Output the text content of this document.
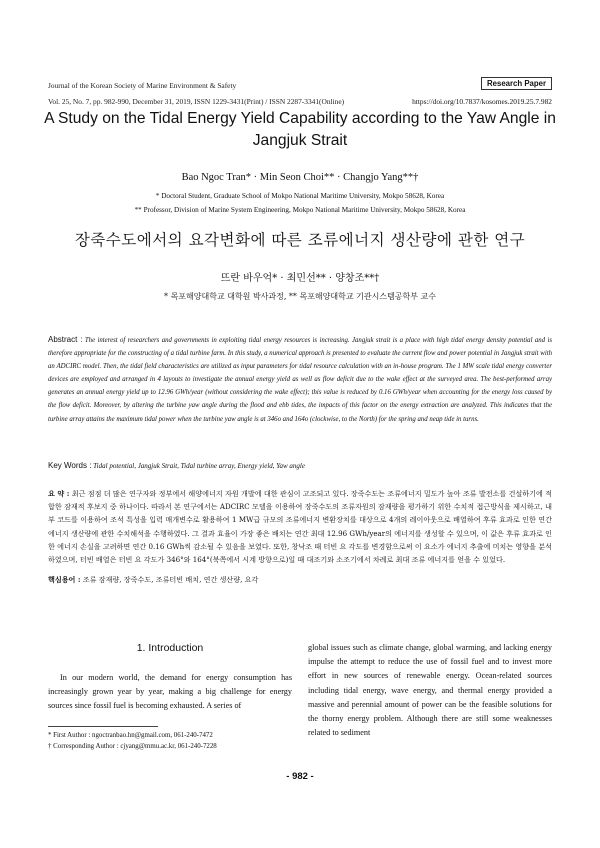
Journal of the Korean Society of Marine Environment & Safety
Vol. 25, No. 7, pp. 982-990, December 31, 2019, ISSN 1229-3431(Print) / ISSN 2287-3341(Online)
Research Paper
https://doi.org/10.7837/kosomes.2019.25.7.982
A Study on the Tidal Energy Yield Capability according to the Yaw Angle in Jangjuk Strait
Bao Ngoc Tran* · Min Seon Choi** · Changjo Yang**†
* Doctoral Student, Graduate School of Mokpo National Maritime University, Mokpo 58628, Korea
** Professor, Division of Marine System Engineering, Mokpo National Maritime University, Mokpo 58628, Korea
장죽수도에서의 요각변화에 따른 조류에너지 생산량에 관한 연구
뜨란 바우억* · 최민선** · 양창조**†
* 목포해양대학교 대학원 박사과정, ** 목포해양대학교 기관시스템공학부 교수
Abstract : The interest of researchers and governments in exploiting tidal energy resources is increasing. Jangjuk strait is a place with high tidal energy density potential and is therefore appropriate for the constructing of a tidal turbine farm. In this study, a numerical approach is presented to evaluate the current flow and power potential in Jangjuk strait with an ADCIRC model. Then, the tidal field characteristics are utilized as input parameters for tidal resource calculation with an in-house program. The 1 MW scale tidal energy converter devices are employed and arranged in 4 layouts to investigate the annual energy yield as well as flow deficit due to the wake effect at the surveyed area. The best-performed array generates an annual energy yield up to 12.96 GWh/year (without considering the wake effect); this value is reduced by 0.16 GWh/year when accounting for the energy loss caused by the flow deficit. Moreover, by altering the turbine yaw angle during the flood and ebb tides, the impacts of this factor on the energy extraction are analyzed. This indicates that the turbine array attains the maximum tidal power when the turbine yaw angle is at 346o and 164o (clockwise, to the North) for the spring and neap tide in turns.
Key Words : Tidal potential, Jangjuk Strait, Tidal turbine array, Energy yield, Yaw angle
요 약 : 최근 점점 더 많은 연구자와 정부에서 해양에너지 자원 개발에 대한 관심이 고조되고 있다. 장죽수도는 조류에너지 밀도가 높아 조류 발전소를 건설하기에 적합한 잠재적 후보지 중 하나이다. 따라서 본 연구에서는 ADCIRC 모델을 이용하여 장죽수도의 조류자원의 잠재량을 평가하기 위한 수치적 접근방식을 제시하고, 내부 코드를 이용하여 조석 특성을 입력 매개변수로 활용하여 1 MW급 규모의 조류에너지 변환장치를 대상으로 4개의 레이아웃으로 배열하여 후류 효과로 인한 연간 에너지 생산량에 관한 수치해석을 수행하였다. 그 결과 효율이 가장 좋은 배치는 연간 최대 12.96 GWh/year의 에너지를 생성할 수 있으며, 이 값은 후류 효과로 인한 에너지 손실을 고려하면 연간 0.16 GWh씩 감소될 수 있음을 보였다. 또한, 창낙조 때 터빈 요 각도를 변경함으로써 이 요소가 에너지 추출에 미치는 영향을 분석하였으며, 터빈 배열은 터빈 요 각도가 346°와 164°(북쪽에서 시계 방향으로)일 때 대조기와 소조기에서 차례로 최대 조류 에너지를 얻을 수 있었다.
핵심용어 : 조류 잠재량, 장죽수도, 조류터빈 배치, 연간 생산량, 요각
1. Introduction
In our modern world, the demand for energy consumption has increasingly grown year by year, making a big challenge for energy sources since fossil fuel is becoming exhausted. A series of
global issues such as climate change, global warming, and lacking energy impulse the attempt to reduce the use of fossil fuel and to invest more effort in new sources of renewable energy. Ocean-related sources including tidal energy, wave energy, and thermal energy provided a massive and perennial amount of power can be the feasible solutions for the thorny energy problem. Although there are still some weaknesses related to sediment
* First Author : ngoctranbao.hn@gmail.com, 061-240-7472
† Corresponding Author : cjyang@mmu.ac.kr, 061-240-7228
- 982 -
